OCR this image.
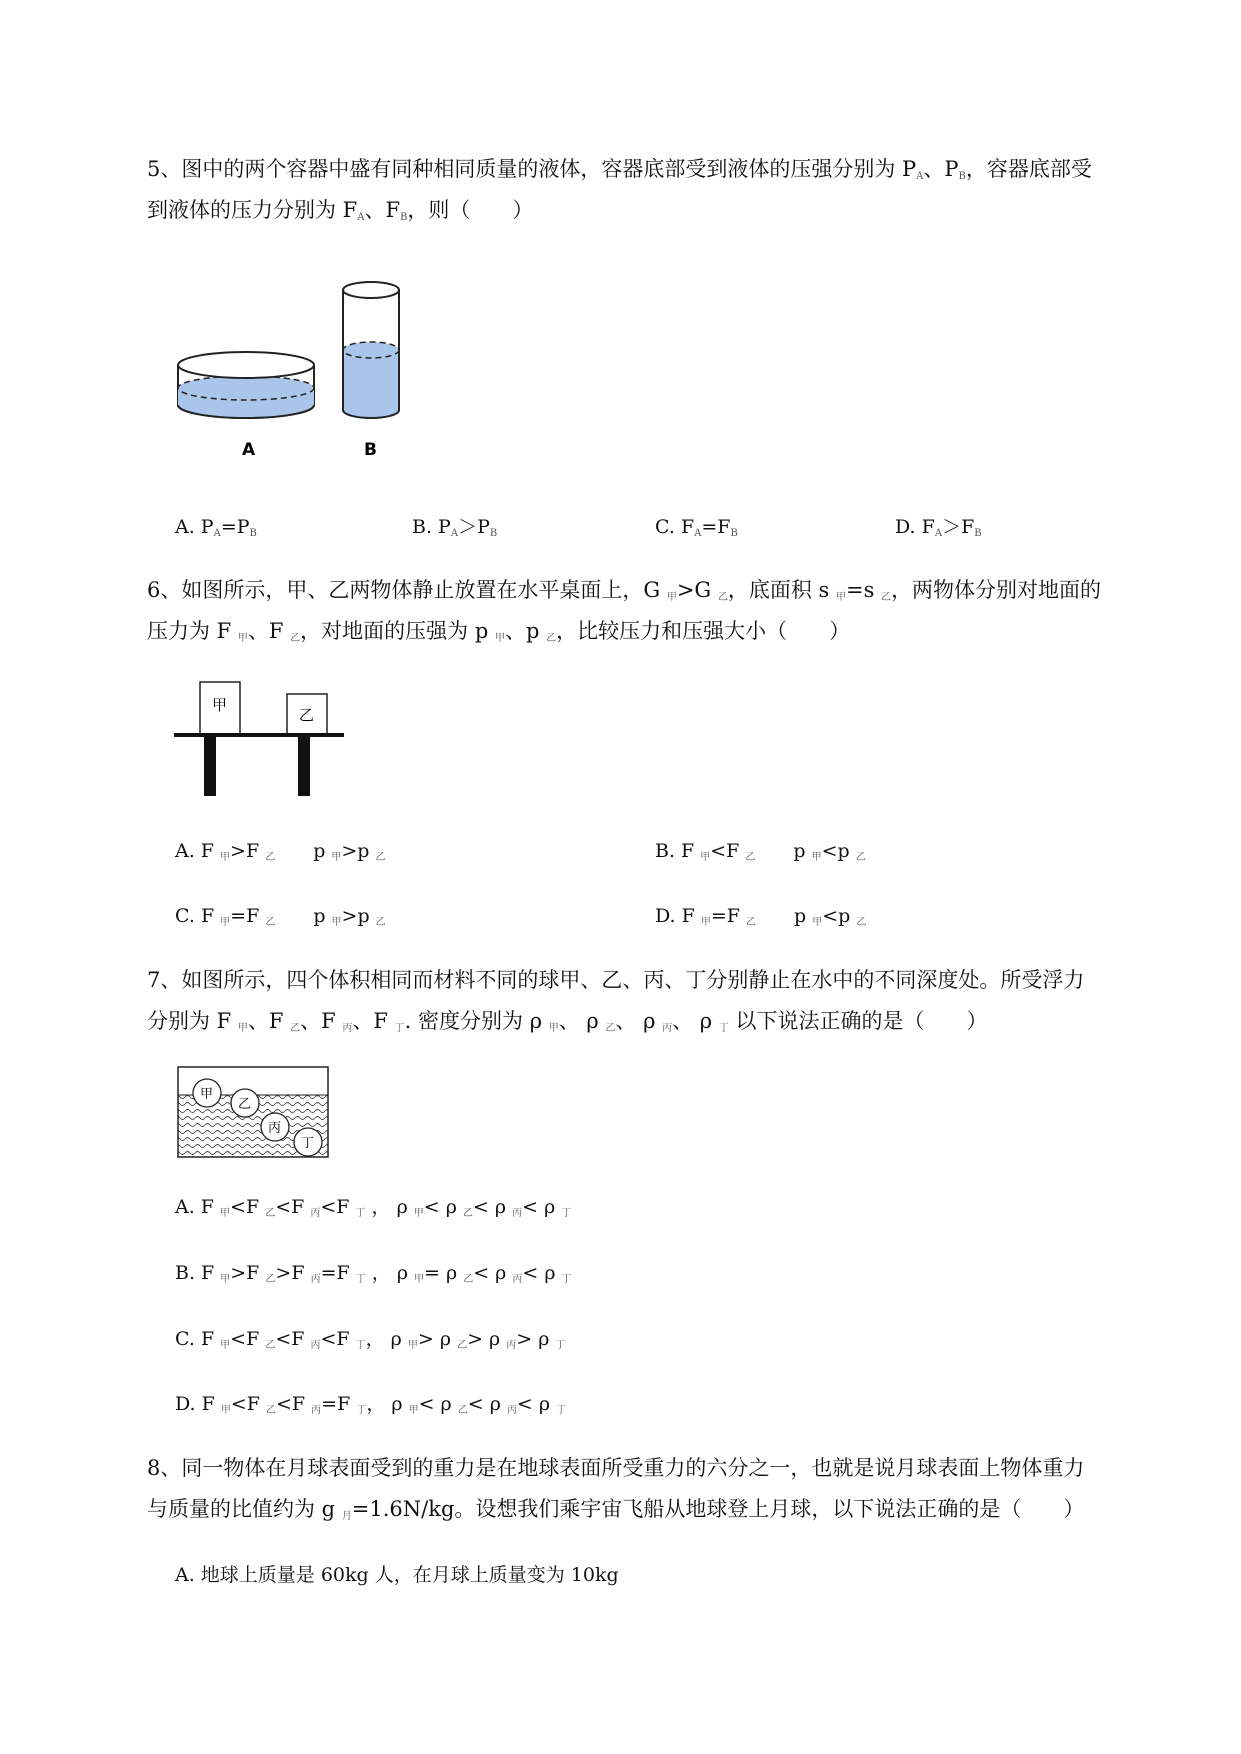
5、图中的两个容器中盛有同种相同质量的液体，容器底部受到液体的压强分别为 $P_A$、$P_B$，容器底部受
到液体的压力分别为 $F_A$、$F_B$，则（　　）
A	B
A. $P_A=P_B$	B. $P_A>P_B$	C. $F_A=F_B$	D. $F_A>F_B$
6、如图所示，甲、乙两物体静止放置在水平桌面上，G $_甲$>G $_乙$，底面积 s $_甲$=s $_乙$，两物体分别对地面的
压力为 F $_甲$、F $_乙$，对地面的压强为 p $_甲$、p $_乙$，比较压力和压强大小（　　）
甲
乙
A. F $_甲$>F $_乙$　　p $_甲$>p $_乙$	B. F $_甲$<F $_乙$　　p $_甲$<p $_乙$
C. F $_甲$=F $_乙$　　p $_甲$>p $_乙$	D. F $_甲$=F $_乙$　　p $_甲$<p $_乙$
7、如图所示，四个体积相同而材料不同的球甲、乙、丙、丁分别静止在水中的不同深度处。所受浮力
分别为 F $_甲$、F $_乙$、F $_丙$、F $_丁$. 密度分别为 ρ $_甲$、 ρ $_乙$、 ρ $_丙$、 ρ $_丁$ 以下说法正确的是（　　）
甲
乙
丙
丁
A. F $_甲$<F $_乙$<F $_丙$<F $_丁$ ， ρ $_甲$< ρ $_乙$< ρ $_丙$< ρ $_丁$
B. F $_甲$>F $_乙$>F $_丙$=F $_丁$ ， ρ $_甲$= ρ $_乙$< ρ $_丙$< ρ $_丁$
C. F $_甲$<F $_乙$<F $_丙$<F $_丁$， ρ $_甲$> ρ $_乙$> ρ $_丙$> ρ $_丁$
D. F $_甲$<F $_乙$<F $_丙$=F $_丁$， ρ $_甲$< ρ $_乙$< ρ $_丙$< ρ $_丁$
8、同一物体在月球表面受到的重力是在地球表面所受重力的六分之一，也就是说月球表面上物体重力
与质量的比值约为 g $_月$=1.6N/kg。设想我们乘宇宙飞船从地球登上月球，以下说法正确的是（　　）
A. 地球上质量是 60kg 人，在月球上质量变为 10kg
